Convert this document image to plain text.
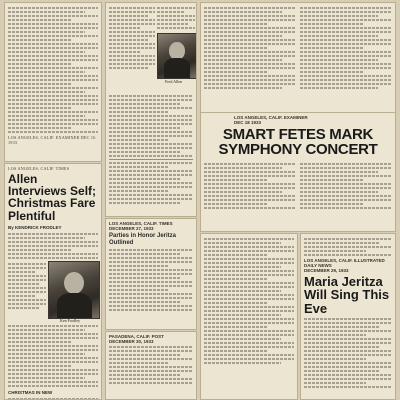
LOS ANGELES, CALIF. EXAMINER DEC 16 1933
LOS ANGELES, CALIF. TIMES
Allen Interviews Self; Christmas Fare Plentiful
By KENDRICK FRODLEY
Ken Frodley
CHRISTMAS IN NEW
Fred Allen
LOS ANGELES, CALIF. TIMES
DECEMBER 27, 1933
Parties in Honor Jeritza Outlined
PASADENA, CALIF. POST
DECEMBER 30, 1933
LOS ANGELES, CALIF. EXAMINER
DEC 18 1933
SMART FETES MARK SYMPHONY CONCERT
LOS ANGELES, CALIF. ILLUSTRATED DAILY NEWS
DECEMBER 29, 1933
Maria Jeritza Will Sing This Eve
